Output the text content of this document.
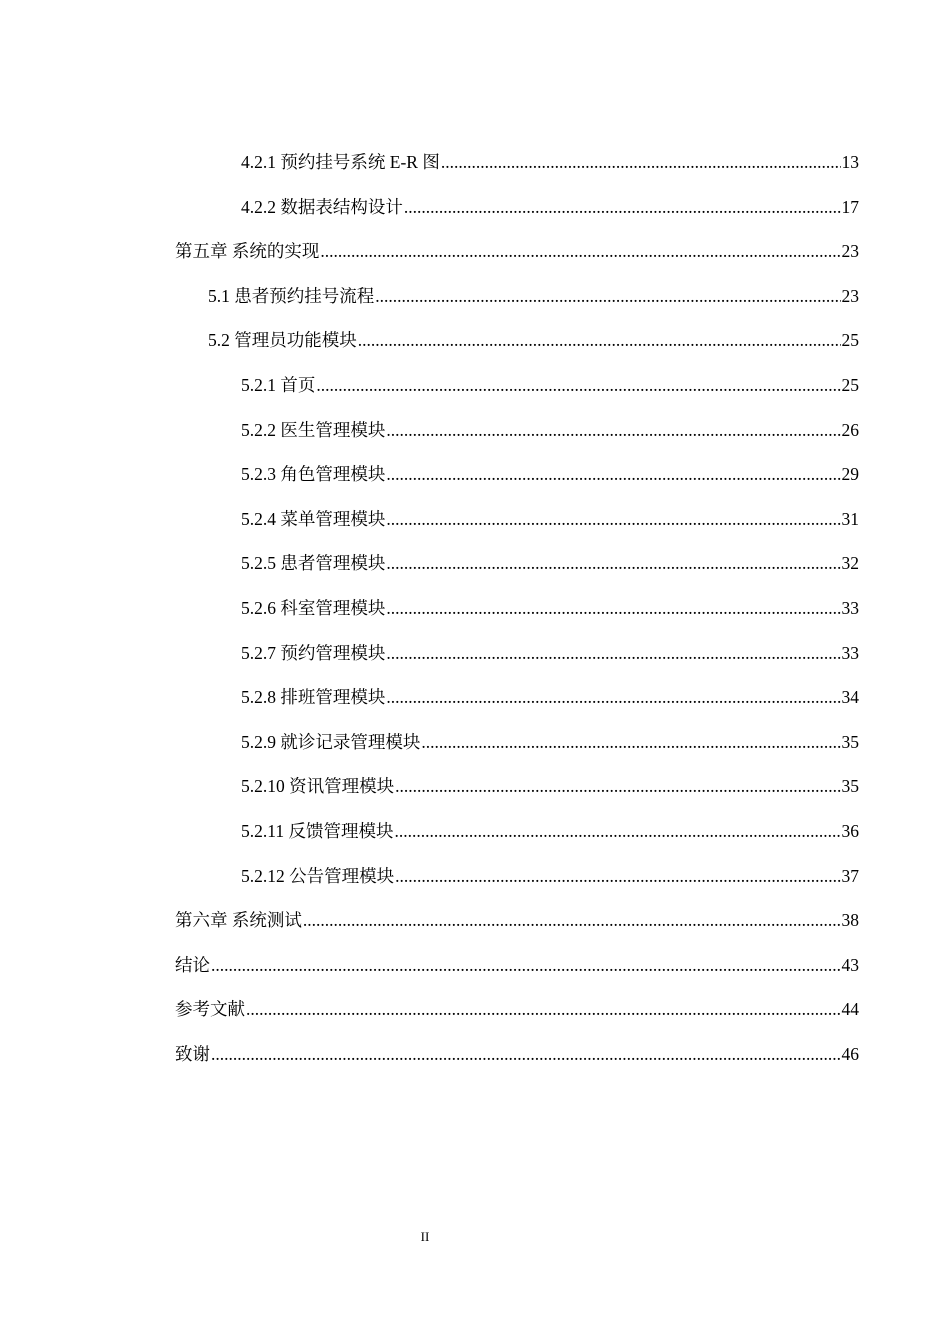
4.2.1 预约挂号系统 E-R 图 .....	13
4.2.2 数据表结构设计 .....	17
第五章 系统的实现 .....	23
5.1 患者预约挂号流程 .....	23
5.2 管理员功能模块 .....	25
5.2.1 首页 .....	25
5.2.2 医生管理模块 .....	26
5.2.3 角色管理模块 .....	29
5.2.4 菜单管理模块 .....	31
5.2.5 患者管理模块 .....	32
5.2.6 科室管理模块 .....	33
5.2.7 预约管理模块 .....	33
5.2.8 排班管理模块 .....	34
5.2.9 就诊记录管理模块 .....	35
5.2.10 资讯管理模块 .....	35
5.2.11 反馈管理模块 .....	36
5.2.12 公告管理模块 .....	37
第六章 系统测试 .....	38
结论 .....	43
参考文献 .....	44
致谢 .....	46
II
